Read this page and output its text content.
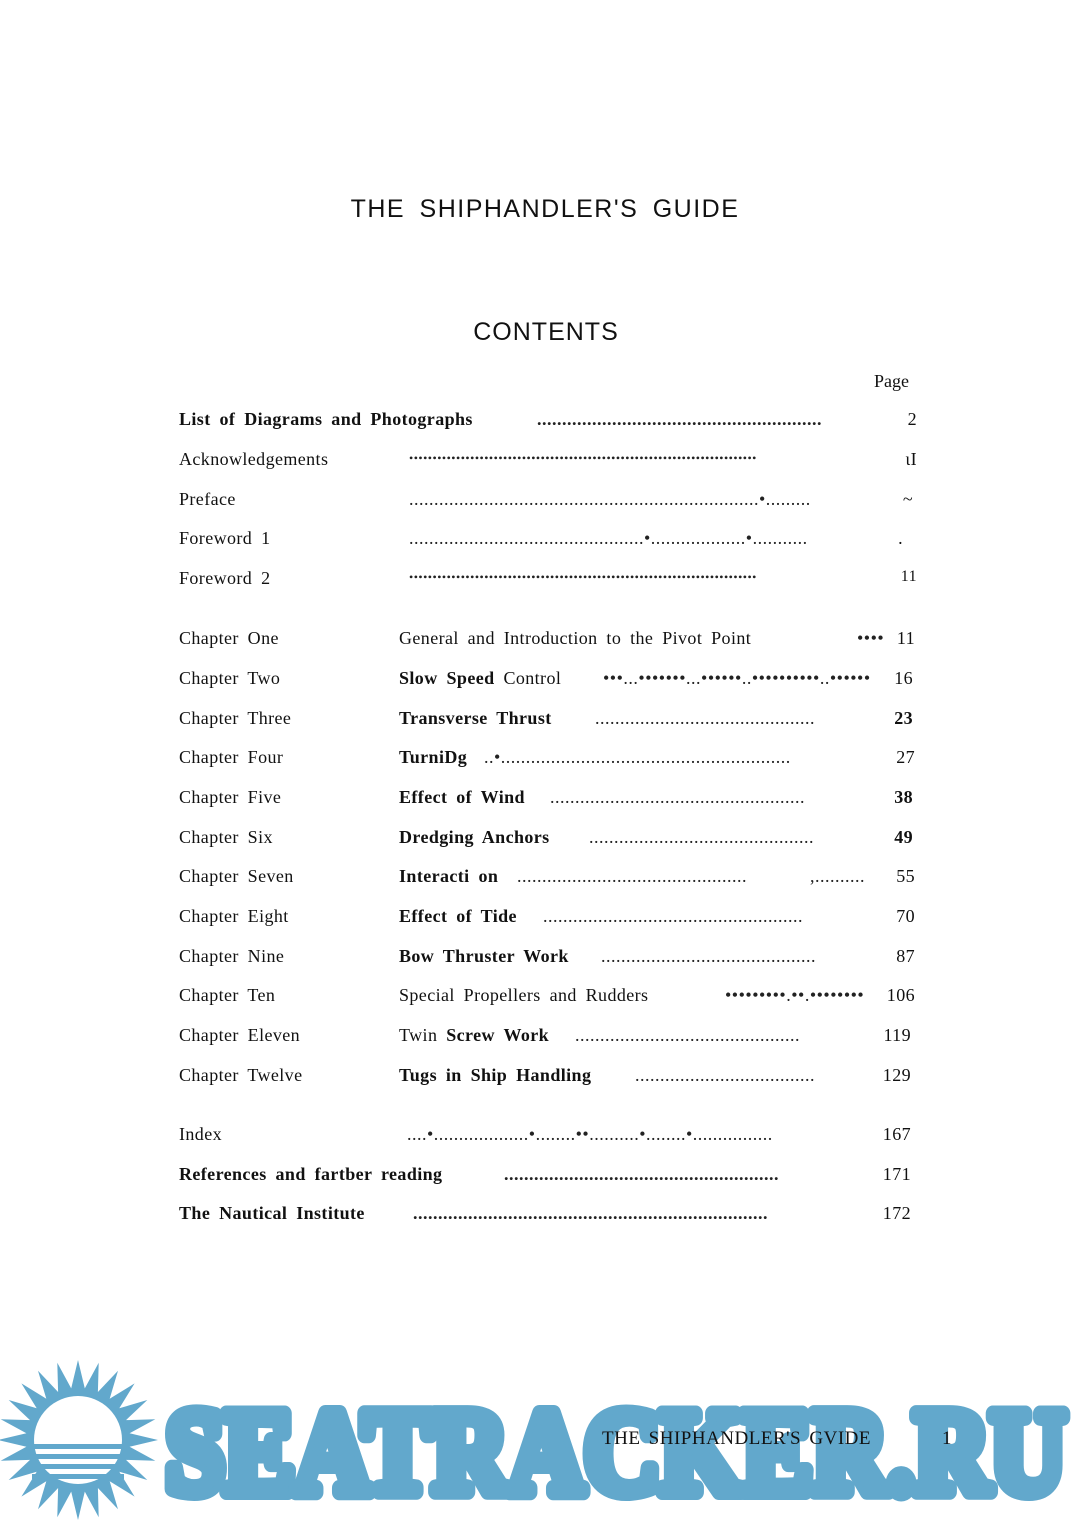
THE SHIPHANDLER'S GUIDE
CONTENTS
Page
List of Diagrams and Photographs	.........................................................	2
Acknowledgements	••••••••••••••••••••••••••••••••••••••••••••••••••••••••••••••••••••••••••	ɩI
Preface	......................................................................•.........	~
Foreword 1	...............................................•...................•...........	.
Foreword 2	••••••••••••••••••••••••••••••••••••••••••••••••••••••••••••••••••••••••••	11
Chapter One	General and Introduction to the Pivot Point	•••• 11
Chapter Two	Slow Speed Control •••...•••••••...••••••..••••••••••..••••••	16
Chapter Three	Transverse Thrust ............................................	23
Chapter Four	TurniDg ..•..........................................................	27
Chapter Five	Effect of Wind ...................................................	38
Chapter Six	Dredging Anchors .............................................	49
Chapter Seven	Interacti on ..............................................	,..........	55
Chapter Eight	Effect of Tide ....................................................	70
Chapter Nine	Bow Thruster Work ...........................................	87
Chapter Ten	Special Propellers and Rudders	•••••••••.••.••••••••	106
Chapter Eleven	Twin Screw Work .............................................	119
Chapter Twelve	Tugs in Ship Handling ....................................	129
Index	....•...................•........••..........•........•................	167
References and fartber reading	.......................................................	171
The Nautical Institute	.......................................................................	172
SEATRACKER.RU
SEATRACKER.RU
THE SHIPHANDLER'S GVIDE	1
